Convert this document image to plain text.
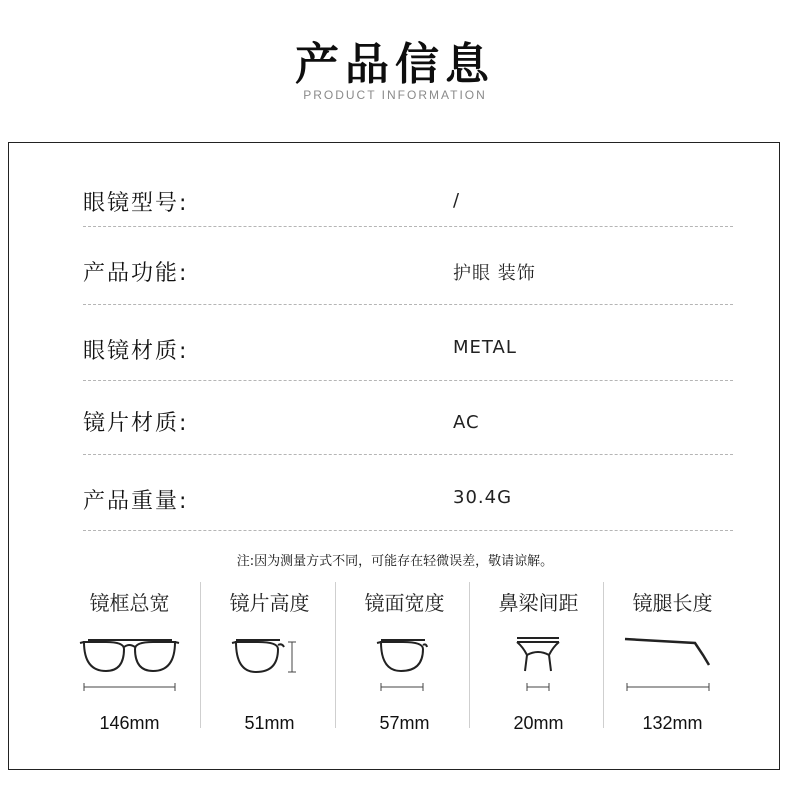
产品信息
PRODUCT INFORMATION
眼镜型号:	/
产品功能:	护眼 装饰
眼镜材质:	METAL
镜片材质:	AC
产品重量:	30.4G
注:因为测量方式不同，可能存在轻微误差，敬请谅解。
镜框总宽
146mm
镜片高度
51mm
镜面宽度
57mm
鼻梁间距
20mm
镜腿长度
132mm
